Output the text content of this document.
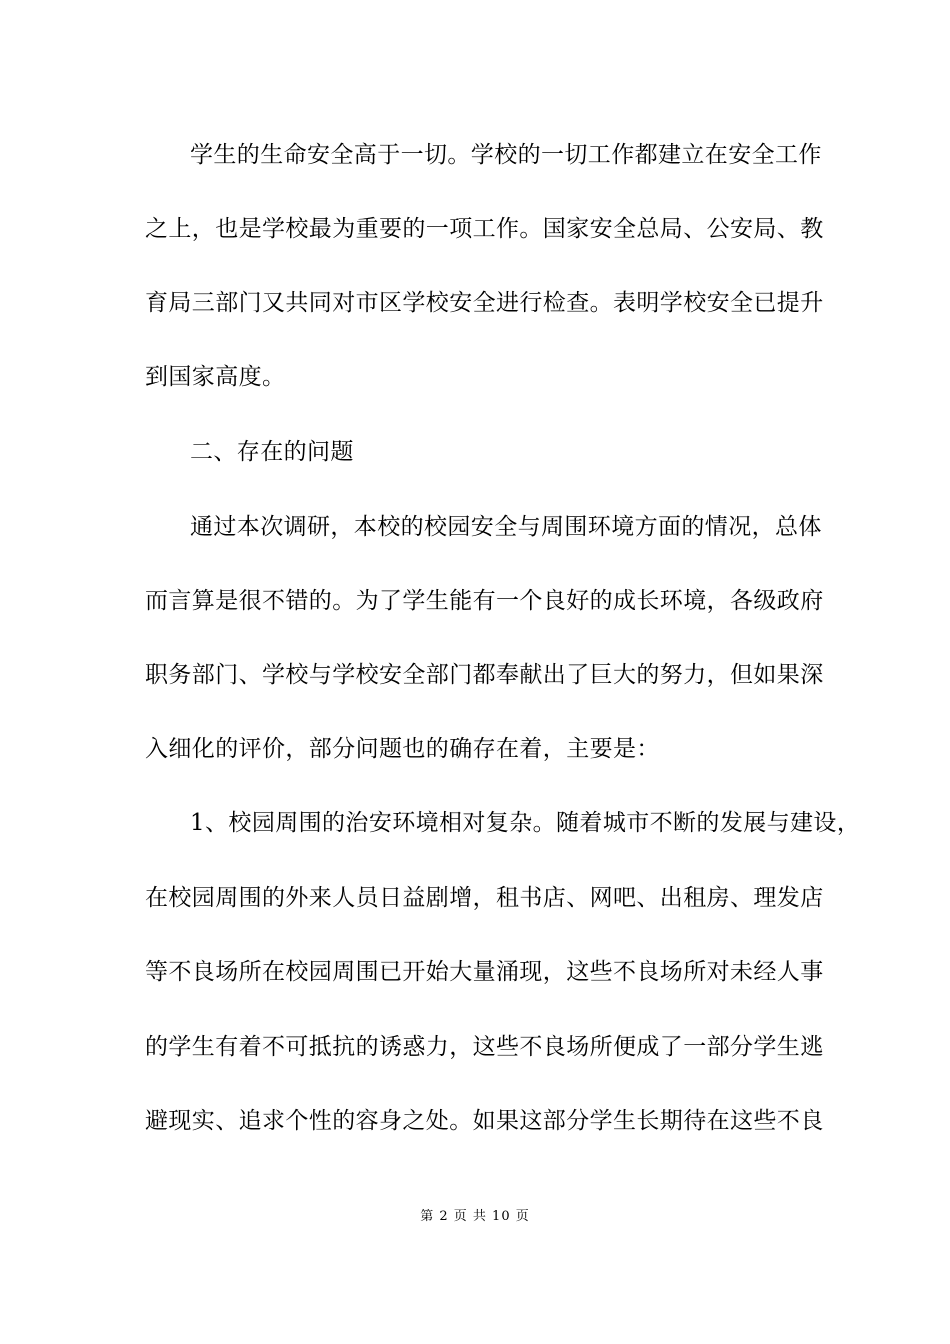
学生的生命安全高于一切。学校的一切工作都建立在安全工作
之上，也是学校最为重要的一项工作。国家安全总局、公安局、教
育局三部门又共同对市区学校安全进行检查。表明学校安全已提升
到国家高度。
二、存在的问题
通过本次调研，本校的校园安全与周围环境方面的情况，总体
而言算是很不错的。为了学生能有一个良好的成长环境，各级政府
职务部门、学校与学校安全部门都奉献出了巨大的努力，但如果深
入细化的评价，部分问题也的确存在着，主要是：
1、校园周围的治安环境相对复杂。随着城市不断的发展与建设，
在校园周围的外来人员日益剧增，租书店、网吧、出租房、理发店
等不良场所在校园周围已开始大量涌现，这些不良场所对未经人事
的学生有着不可抵抗的诱惑力，这些不良场所便成了一部分学生逃
避现实、追求个性的容身之处。如果这部分学生长期待在这些不良
第 2 页 共 10 页
